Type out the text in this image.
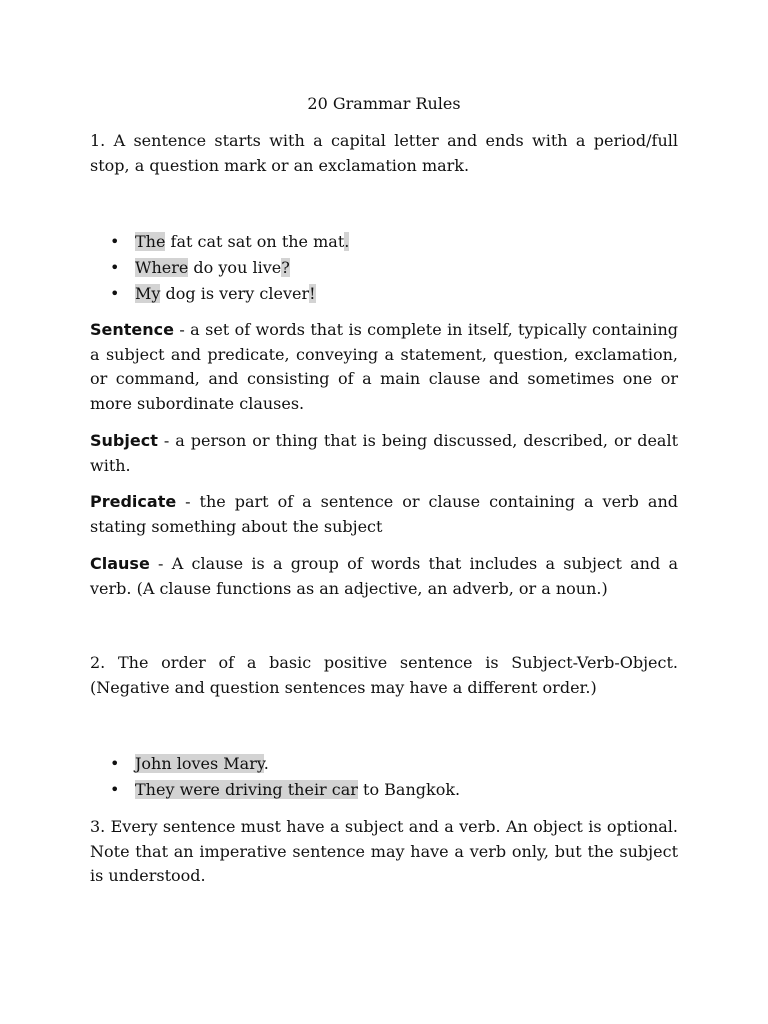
20 Grammar Rules

1. A sentence starts with a capital letter and ends with a period/full stop, a question mark or an exclamation mark.

• The fat cat sat on the mat.
• Where do you live?
• My dog is very clever!

Sentence - a set of words that is complete in itself, typically containing a subject and predicate, conveying a statement, question, exclamation, or command, and consisting of a main clause and sometimes one or more subordinate clauses.

Subject - a person or thing that is being discussed, described, or dealt with.

Predicate - the part of a sentence or clause containing a verb and stating something about the subject

Clause - A clause is a group of words that includes a subject and a verb. (A clause functions as an adjective, an adverb, or a noun.)

2. The order of a basic positive sentence is Subject-Verb-Object. (Negative and question sentences may have a different order.)

• John loves Mary.
• They were driving their car to Bangkok.

3. Every sentence must have a subject and a verb. An object is optional. Note that an imperative sentence may have a verb only, but the subject is understood.
